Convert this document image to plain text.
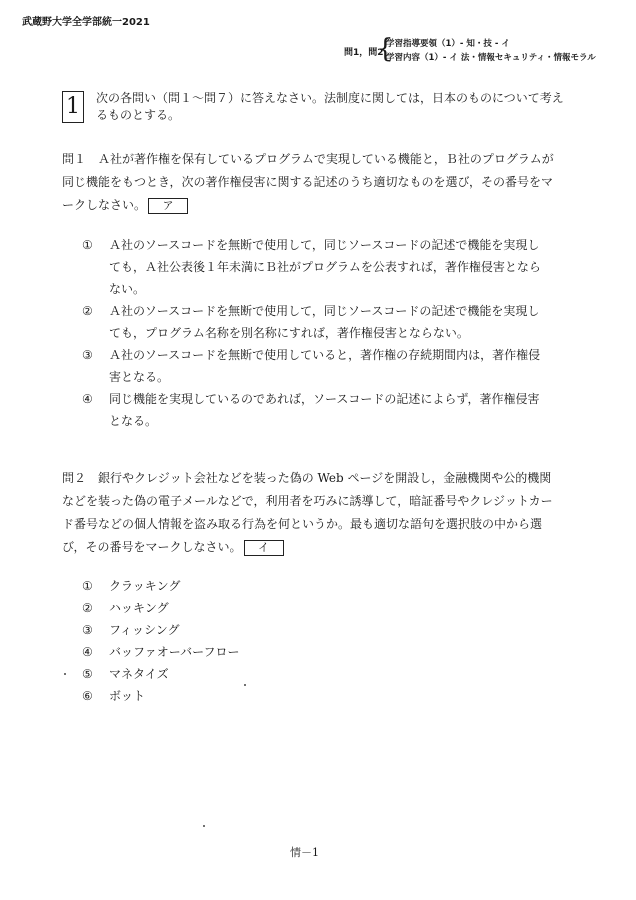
武蔵野大学全学部統一2021
問1，問2
{
学習指導要領（1）- 知・技 - イ
学習内容（1）- イ 法・情報セキュリティ・情報モラル
1	次の各問い（問１～問７）に答えなさい。法制度に関しては，日本のものについて考えるものとする。
問１ Ａ社が著作権を保有しているプログラムで実現している機能と，Ｂ社のプログラムが同じ機能をもつとき，次の著作権侵害に関する記述のうち適切なものを選び，その番号をマークしなさい。 ア
① Ａ社のソースコードを無断で使用して，同じソースコードの記述で機能を実現しても，Ａ社公表後１年未満にＢ社がプログラムを公表すれば，著作権侵害とならない。
② Ａ社のソースコードを無断で使用して，同じソースコードの記述で機能を実現しても，プログラム名称を別名称にすれば，著作権侵害とならない。
③ Ａ社のソースコードを無断で使用していると，著作権の存続期間内は，著作権侵害となる。
④ 同じ機能を実現しているのであれば，ソースコードの記述によらず，著作権侵害となる。
問２ 銀行やクレジット会社などを装った偽の Web ページを開設し，金融機関や公的機関などを装った偽の電子メールなどで，利用者を巧みに誘導して，暗証番号やクレジットカード番号などの個人情報を盗み取る行為を何というか。最も適切な語句を選択肢の中から選び，その番号をマークしなさい。 イ
① クラッキング
② ハッキング
③ フィッシング
④ バッファオーバーフロー
⑤ マネタイズ
⑥ ボット
情－1
